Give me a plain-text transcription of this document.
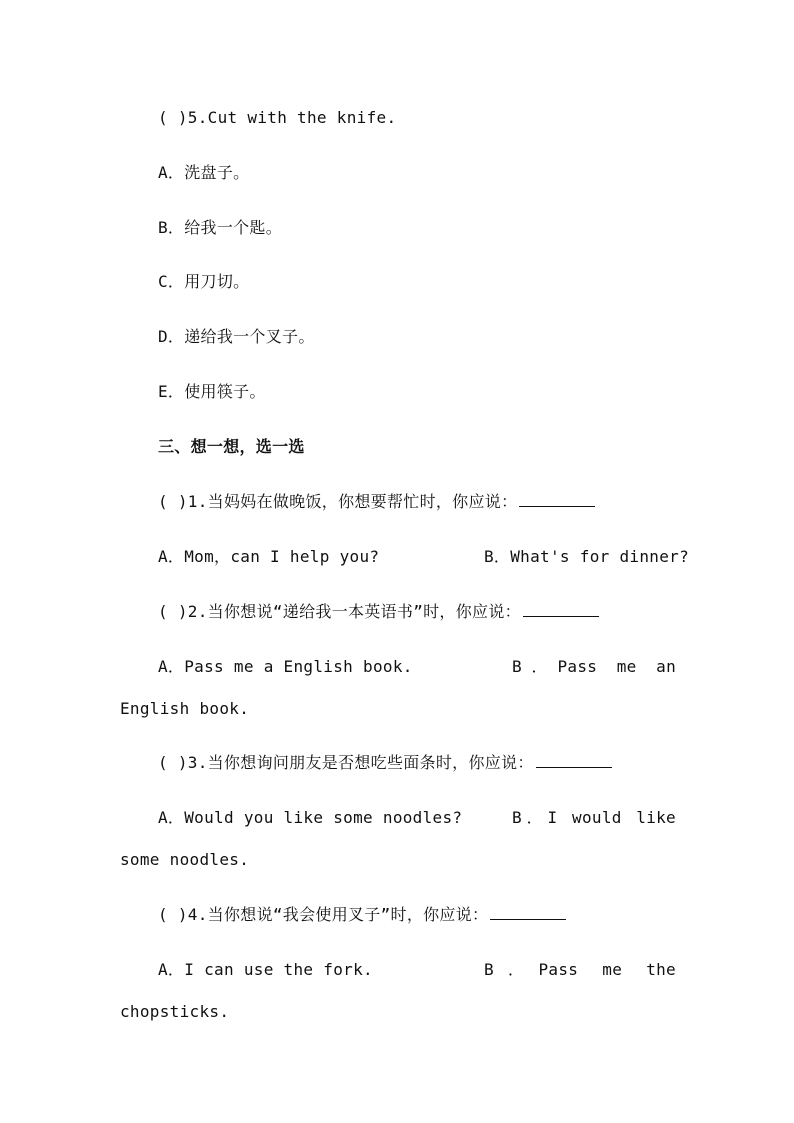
( )5.Cut with the knife.
A．洗盘子。
B．给我一个匙。
C．用刀切。
D．递给我一个叉子。
E．使用筷子。
三、想一想，选一选
( )1.当妈妈在做晚饭，你想要帮忙时，你应说：
A．Mom，can I help you?	B．What's for dinner?
( )2.当你想说“递给我一本英语书”时，你应说：
A．Pass me a English book.	B．Pass me an
English book.
( )3.当你想询问朋友是否想吃些面条时，你应说：
A．Would you like some noodles?	B．I would like
some noodles.
( )4.当你想说“我会使用叉子”时，你应说：
A．I can use the fork.	B．Pass me the
chopsticks.
